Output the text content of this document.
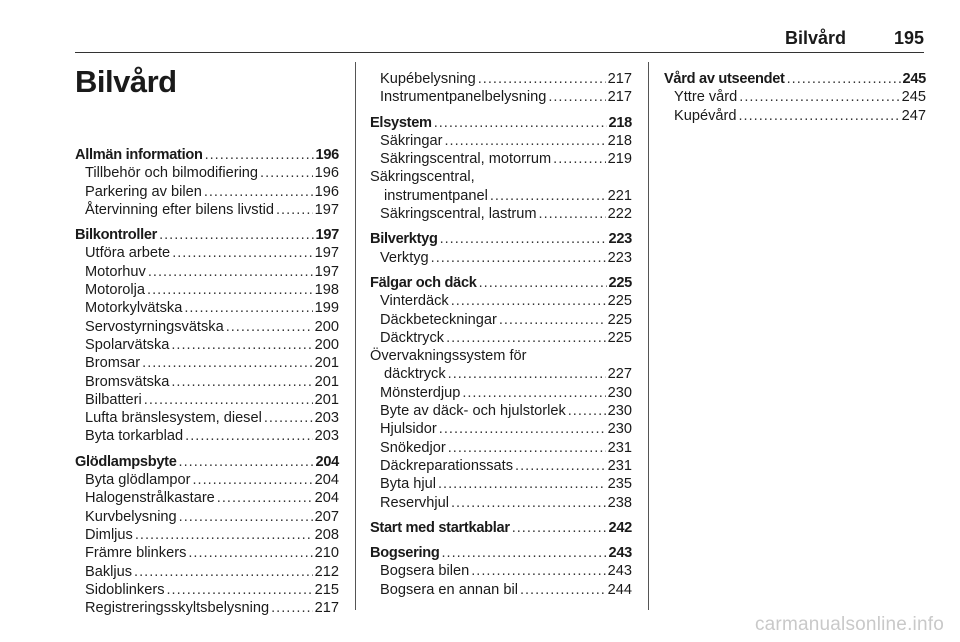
Bilvård	195
Bilvård
Allmän information .....	196
Tillbehör och bilmodifiering .....	196
Parkering av bilen .....	196
Återvinning efter bilens livstid .....	197
Bilkontroller .....	197
Utföra arbete .....	197
Motorhuv .....	197
Motorolja .....	198
Motorkylvätska .....	199
Servostyrningsvätska .....	200
Spolarvätska .....	200
Bromsar .....	201
Bromsvätska .....	201
Bilbatteri .....	201
Lufta bränslesystem, diesel .....	203
Byta torkarblad .....	203
Glödlampsbyte .....	204
Byta glödlampor .....	204
Halogenstrålkastare .....	204
Kurvbelysning .....	207
Dimljus .....	208
Främre blinkers .....	210
Bakljus .....	212
Sidoblinkers .....	215
Registreringsskyltsbelysning .....	217
Kupébelysning .....	217
Instrumentpanelbelysning .....	217
Elsystem .....	218
Säkringar .....	218
Säkringscentral, motorrum .....	219
Säkringscentral,
instrumentpanel .....	221
Säkringscentral, lastrum .....	222
Bilverktyg .....	223
Verktyg .....	223
Fälgar och däck .....	225
Vinterdäck .....	225
Däckbeteckningar .....	225
Däcktryck .....	225
Övervakningssystem för
däcktryck .....	227
Mönsterdjup .....	230
Byte av däck- och hjulstorlek .....	230
Hjulsidor .....	230
Snökedjor .....	231
Däckreparationssats .....	231
Byta hjul .....	235
Reservhjul .....	238
Start med startkablar .....	242
Bogsering .....	243
Bogsera bilen .....	243
Bogsera en annan bil .....	244
Vård av utseendet .....	245
Yttre vård .....	245
Kupévård .....	247
carmanualsonline.info
